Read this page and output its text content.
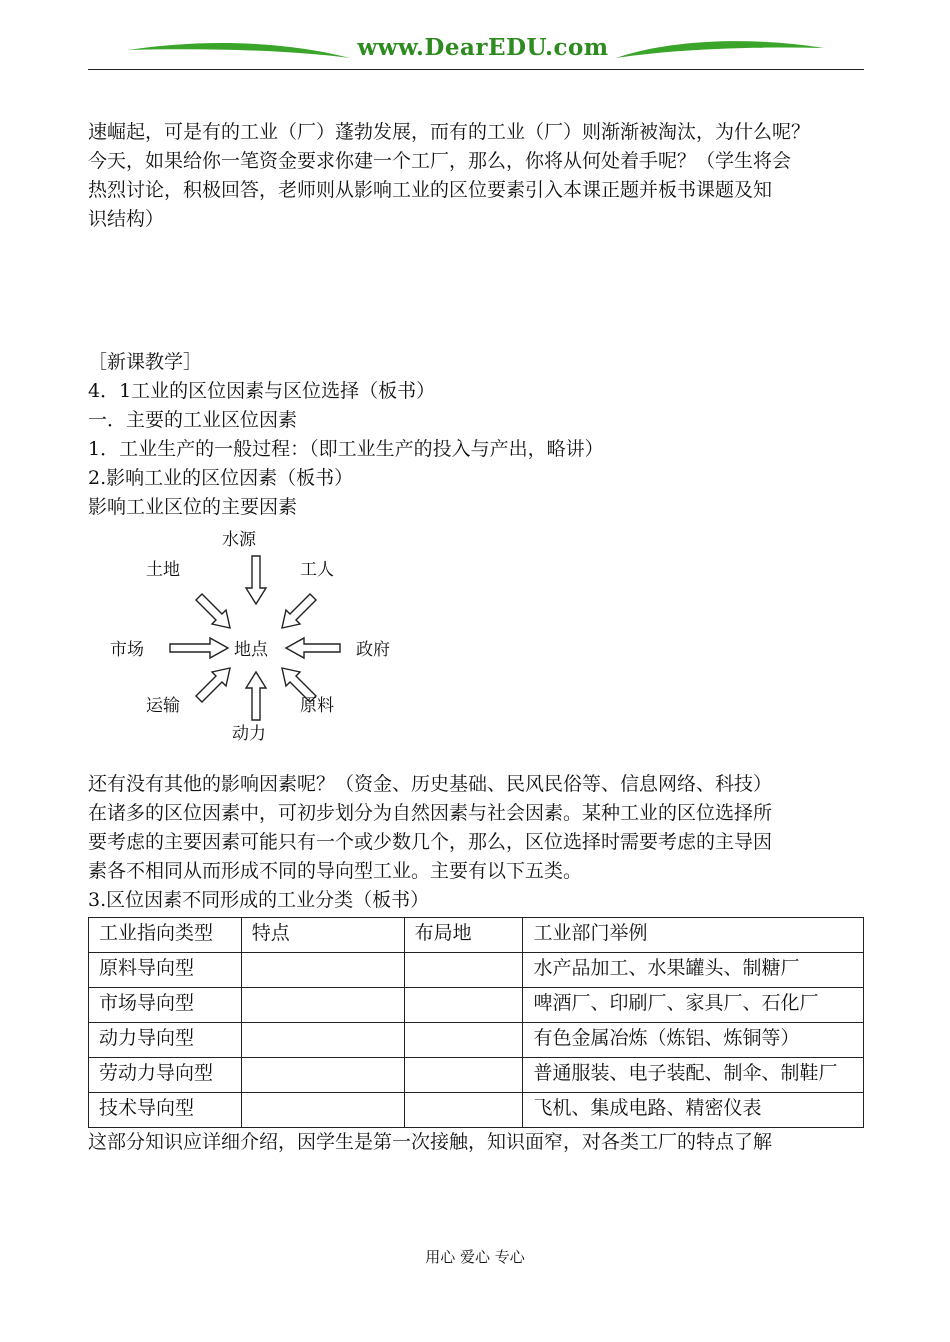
www.DearEDU.com

速崛起，可是有的工业（厂）蓬勃发展，而有的工业（厂）则渐渐被淘汰，为什么呢？

今天，如果给你一笔资金要求你建一个工厂，那么，你将从何处着手呢？（学生将会

热烈讨论，积极回答，老师则从影响工业的区位要素引入本课正题并板书课题及知

识结构）

［新课教学］

4．1工业的区位因素与区位选择（板书）

一．主要的工业区位因素

1．工业生产的一般过程：（即工业生产的投入与产出，略讲）

2.影响工业的区位因素（板书）

影响工业区位的主要因素

水源
土地	工人
市场	地点	政府
运输	原料
动力

还有没有其他的影响因素呢？（资金、历史基础、民风民俗等、信息网络、科技）

在诸多的区位因素中，可初步划分为自然因素与社会因素。某种工业的区位选择所

要考虑的主要因素可能只有一个或少数几个，那么，区位选择时需要考虑的主导因

素各不相同从而形成不同的导向型工业。主要有以下五类。

3.区位因素不同形成的工业分类（板书）

工业指向类型	特点	布局地	工业部门举例
原料导向型			水产品加工、水果罐头、制糖厂
市场导向型			啤酒厂、印刷厂、家具厂、石化厂
动力导向型			有色金属冶炼（炼铝、炼铜等）
劳动力导向型			普通服装、电子装配、制伞、制鞋厂
技术导向型			飞机、集成电路、精密仪表

这部分知识应详细介绍，因学生是第一次接触，知识面窄，对各类工厂的特点了解

用心 爱心 专心
